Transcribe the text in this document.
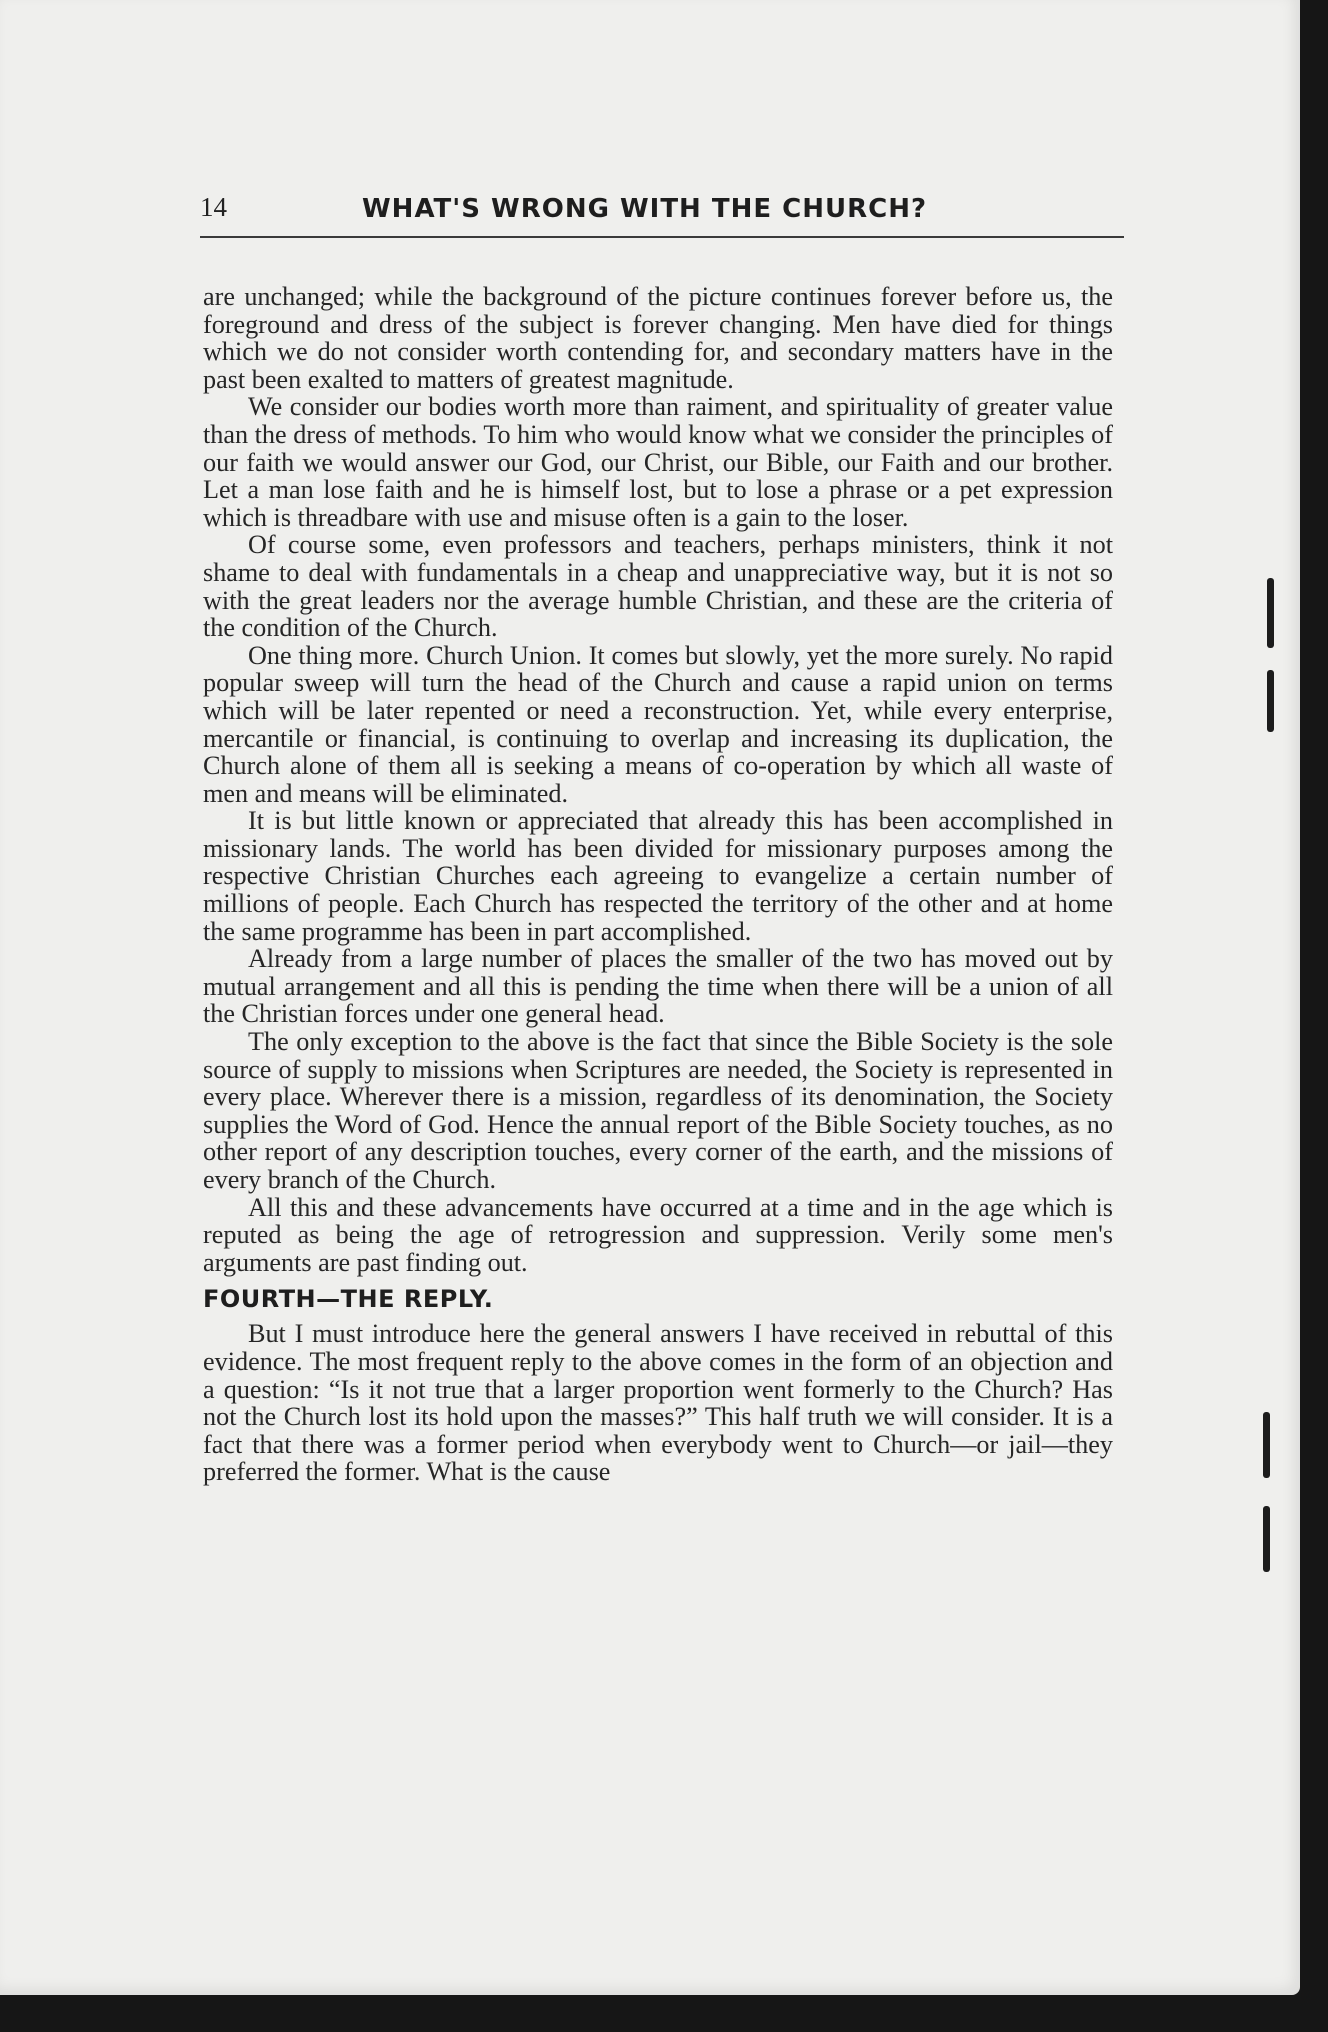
14	WHAT'S WRONG WITH THE CHURCH?

are unchanged; while the background of the picture continues forever before us, the foreground and dress of the subject is forever changing. Men have died for things which we do not consider worth contending for, and secondary matters have in the past been exalted to matters of greatest magnitude.

We consider our bodies worth more than raiment, and spirituality of greater value than the dress of methods. To him who would know what we consider the principles of our faith we would answer our God, our Christ, our Bible, our Faith and our brother. Let a man lose faith and he is himself lost, but to lose a phrase or a pet expression which is threadbare with use and misuse often is a gain to the loser.

Of course some, even professors and teachers, perhaps ministers, think it not shame to deal with fundamentals in a cheap and unappreciative way, but it is not so with the great leaders nor the average humble Christian, and these are the criteria of the condition of the Church.

One thing more. Church Union. It comes but slowly, yet the more surely. No rapid popular sweep will turn the head of the Church and cause a rapid union on terms which will be later repented or need a reconstruction. Yet, while every enterprise, mercantile or financial, is continuing to overlap and increasing its duplication, the Church alone of them all is seeking a means of co-operation by which all waste of men and means will be eliminated.

It is but little known or appreciated that already this has been accomplished in missionary lands. The world has been divided for missionary purposes among the respective Christian Churches each agreeing to evangelize a certain number of millions of people. Each Church has respected the territory of the other and at home the same programme has been in part accomplished.

Already from a large number of places the smaller of the two has moved out by mutual arrangement and all this is pending the time when there will be a union of all the Christian forces under one general head.

The only exception to the above is the fact that since the Bible Society is the sole source of supply to missions when Scriptures are needed, the Society is represented in every place. Wherever there is a mission, regardless of its denomination, the Society supplies the Word of God. Hence the annual report of the Bible Society touches, as no other report of any description touches, every corner of the earth, and the missions of every branch of the Church.

All this and these advancements have occurred at a time and in the age which is reputed as being the age of retrogression and suppression. Verily some men's arguments are past finding out.

FOURTH—THE REPLY.

But I must introduce here the general answers I have received in rebuttal of this evidence. The most frequent reply to the above comes in the form of an objection and a question: “Is it not true that a larger proportion went formerly to the Church? Has not the Church lost its hold upon the masses?” This half truth we will consider. It is a fact that there was a former period when everybody went to Church—or jail—they preferred the former. What is the cause
